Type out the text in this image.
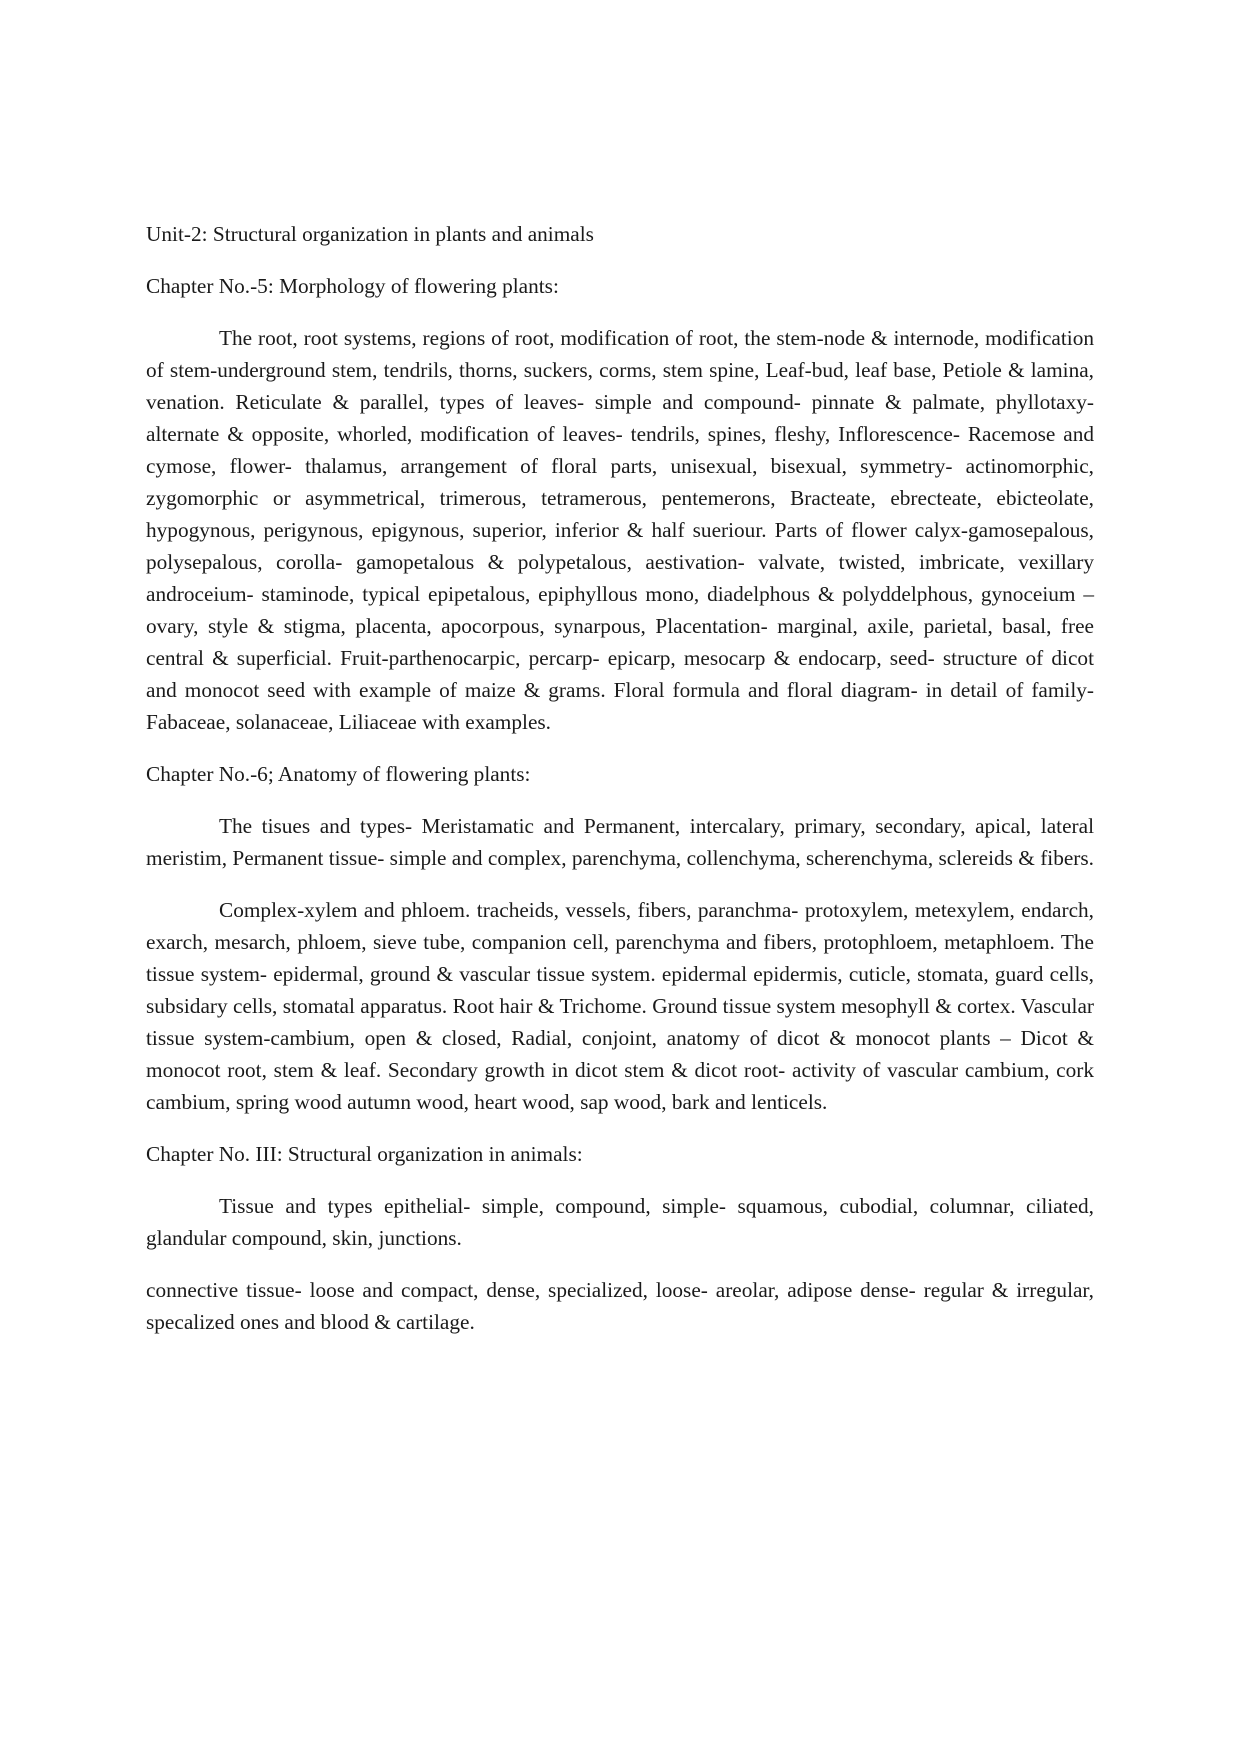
Unit-2: Structural organization in plants and animals

Chapter No.-5: Morphology of flowering plants:

The root, root systems, regions of root, modification of root, the stem-node & internode, modification of stem-underground stem, tendrils, thorns, suckers, corms, stem spine, Leaf-bud, leaf base, Petiole & lamina, venation. Reticulate & parallel, types of leaves- simple and compound- pinnate & palmate, phyllotaxy- alternate & opposite, whorled, modification of leaves- tendrils, spines, fleshy, Inflorescence- Racemose and cymose, flower- thalamus, arrangement of floral parts, unisexual, bisexual, symmetry- actinomorphic, zygomorphic or asymmetrical, trimerous, tetramerous, pentemerons, Bracteate, ebrecteate, ebicteolate, hypogynous, perigynous, epigynous, superior, inferior & half sueriour. Parts of flower calyx-gamosepalous, polysepalous, corolla- gamopetalous & polypetalous, aestivation- valvate, twisted, imbricate, vexillary androceium- staminode, typical epipetalous, epiphyllous mono, diadelphous & polyddelphous, gynoceium – ovary, style & stigma, placenta, apocorpous, synarpous, Placentation- marginal, axile, parietal, basal, free central & superficial. Fruit-parthenocarpic, percarp- epicarp, mesocarp & endocarp, seed- structure of dicot and monocot seed with example of maize & grams. Floral formula and floral diagram- in detail of family-Fabaceae, solanaceae, Liliaceae with examples.

Chapter No.-6; Anatomy of flowering plants:

The tisues and types- Meristamatic and Permanent, intercalary, primary, secondary, apical, lateral meristim, Permanent tissue- simple and complex, parenchyma, collenchyma, scherenchyma, sclereids & fibers.

Complex-xylem and phloem. tracheids, vessels, fibers, paranchma- protoxylem, metexylem, endarch, exarch, mesarch, phloem, sieve tube, companion cell, parenchyma and fibers, protophloem, metaphloem. The tissue system- epidermal, ground & vascular tissue system. epidermal epidermis, cuticle, stomata, guard cells, subsidary cells, stomatal apparatus. Root hair & Trichome. Ground tissue system mesophyll & cortex. Vascular tissue system-cambium, open & closed, Radial, conjoint, anatomy of dicot & monocot plants – Dicot & monocot root, stem & leaf. Secondary growth in dicot stem & dicot root- activity of vascular cambium, cork cambium, spring wood autumn wood, heart wood, sap wood, bark and lenticels.

Chapter No. III: Structural organization in animals:

Tissue and types epithelial- simple, compound, simple- squamous, cubodial, columnar, ciliated, glandular compound, skin, junctions.

connective tissue- loose and compact, dense, specialized, loose- areolar, adipose dense- regular & irregular, specalized ones and blood & cartilage.
